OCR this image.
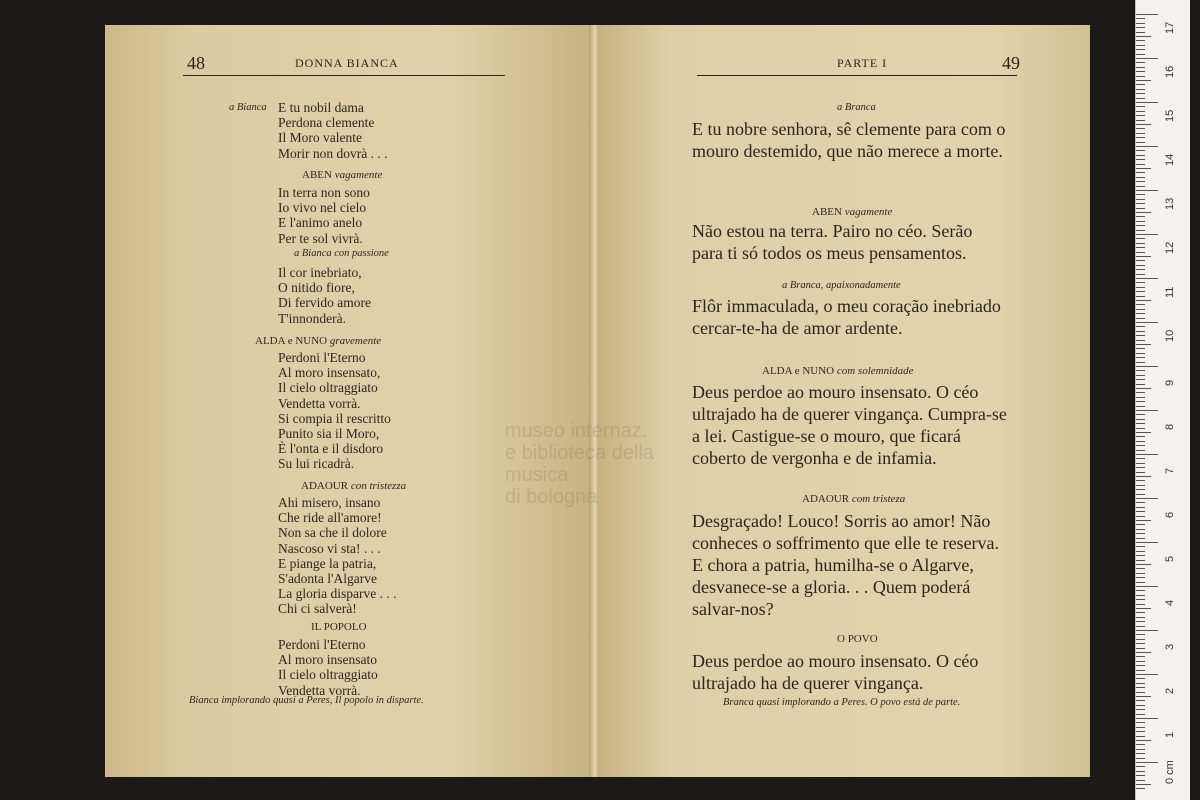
48	DONNA BIANCA
a Bianca E tu nobil dama
Perdona clemente
Il Moro valente
Morir non dovrà . . .
ABEN vagamente
In terra non sono
Io vivo nel cielo
E l'animo anelo
Per te sol vivrà.
a Bianca con passione
Il cor inebriato,
O nitido fiore,
Di fervido amore
T'innonderà.
ALDA e NUNO gravemente
Perdoni l'Eterno
Al moro insensato,
Il cielo oltraggiato
Vendetta vorrà.
Si compia il rescritto
Punito sia il Moro,
È l'onta e il disdoro
Su lui ricadrà.
ADAOUR con tristezza
Ahi misero, insano
Che ride all'amore!
Non sa che il dolore
Nascoso vi sta! . . .
E piange la patria,
S'adonta l'Algarve
La gloria disparve . . .
Chi ci salverà!
IL POPOLO
Perdoni l'Eterno
Al moro insensato
Il cielo oltraggiato
Vendetta vorrà.
Bianca implorando quasi a Peres, Il popolo in disparte.
PARTE I	49
a Branca
E tu nobre senhora, sê clemente para com o mouro destemido, que não merece a morte.
ABEN vagamente
Não estou na terra. Pairo no céo. Serão para ti só todos os meus pensamentos.
a Branca, apaixonadamente
Flôr immaculada, o meu coração inebriado cercar-te-ha de amor ardente.
ALDA e NUNO com solemnidade
Deus perdoe ao mouro insensato. O céo ultrajado ha de querer vingança. Cumpra-se a lei. Castigue-se o mouro, que ficará coberto de vergonha e de infamia.
ADAOUR com tristeza
Desgraçado! Louco! Sorris ao amor! Não conheces o soffrimento que elle te reserva. E chora a patria, humilha-se o Algarve, desvanece-se a gloria. . . Quem poderá salvar-nos?
O POVO
Deus perdoe ao mouro insensato. O céo ultrajado ha de querer vingança.
Branca quasi implorando a Peres. O povo está de parte.
museo internaz.
e biblioteca della musica
di bologna
17
16
15
14
13
12
11
10
9
8
7
6
5
4
3
2
1
0 cm
